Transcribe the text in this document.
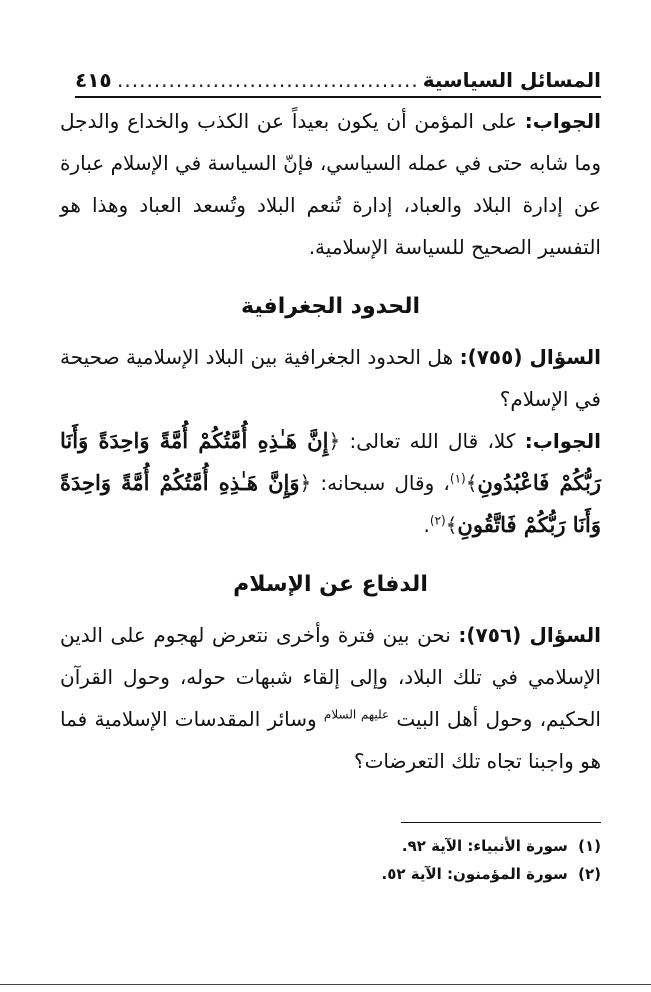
المسائل السياسية
.....
٤١٥

الجواب: على المؤمن أن يكون بعيداً عن الكذب والخداع والدجل وما شابه حتى في عمله السياسي، فإنّ السياسة في الإسلام عبارة عن إدارة البلاد والعباد، إدارة تُنعم البلاد وتُسعد العباد وهذا هو التفسير الصحيح للسياسة الإسلامية.

الحدود الجغرافية

السؤال (٧٥٥): هل الحدود الجغرافية بين البلاد الإسلامية صحيحة في الإسلام؟

الجواب: كلا، قال الله تعالى: ﴿إِنَّ هَـٰذِهِ أُمَّتُكُمْ أُمَّةً وَاحِدَةً وَأَنَا رَبُّكُمْ فَاعْبُدُونِ﴾$^{(١)}$، وقال سبحانه: ﴿وَإِنَّ هَـٰذِهِ أُمَّتُكُمْ أُمَّةً وَاحِدَةً وَأَنَا رَبُّكُمْ فَاتَّقُونِ﴾$^{(٢)}$.

الدفاع عن الإسلام

السؤال (٧٥٦): نحن بين فترة وأخرى نتعرض لهجوم على الدين الإسلامي في تلك البلاد، وإلى إلقاء شبهات حوله، وحول القرآن الحكيم، وحول أهل البيت $^{عليهم السلام}$ وسائر المقدسات الإسلامية فما هو واجبنا تجاه تلك التعرضات؟

(١) سورة الأنبياء: الآية ٩٢.

(٢) سورة المؤمنون: الآية ٥٢.
